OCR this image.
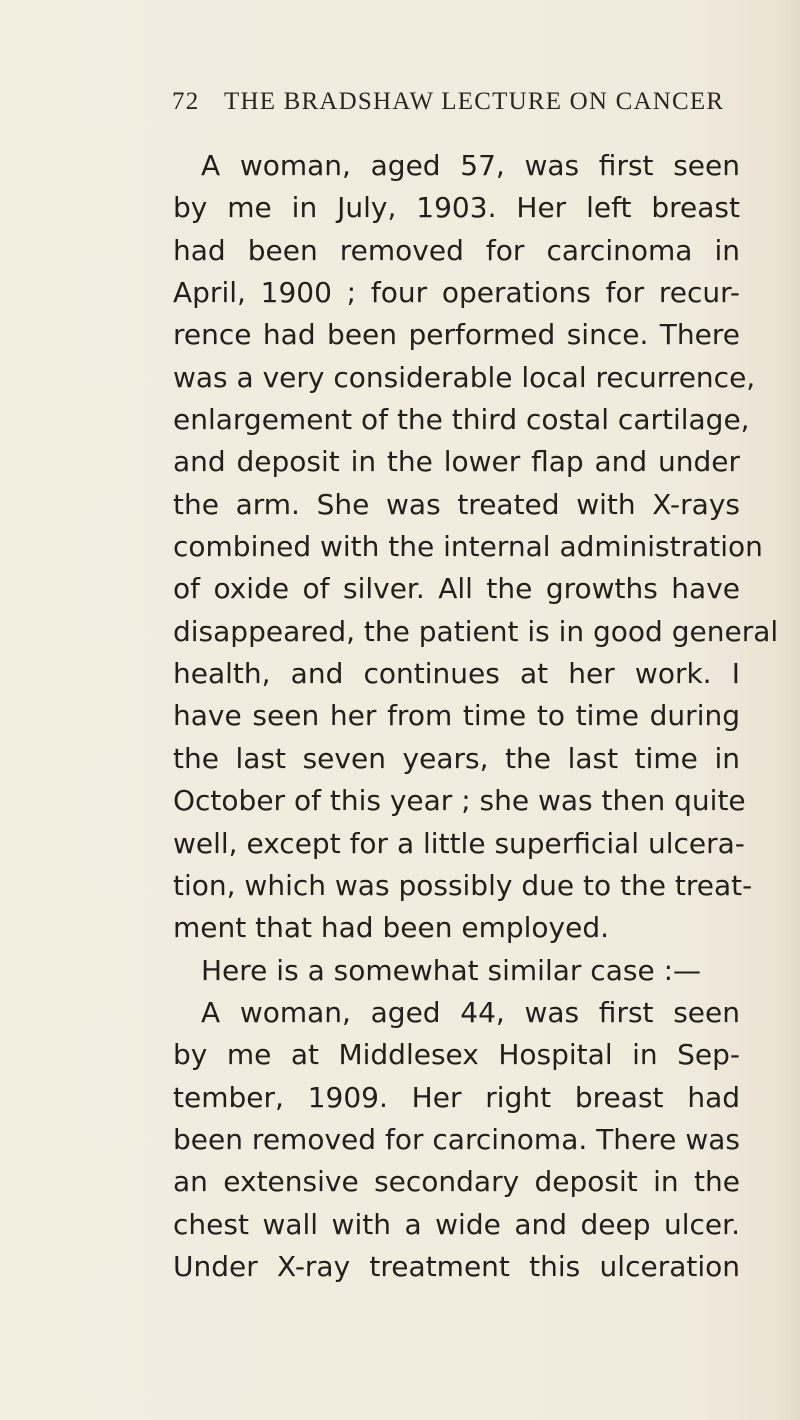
72 THE BRADSHAW LECTURE ON CANCER
A woman, aged 57, was first seen
by me in July, 1903. Her left breast
had been removed for carcinoma in
April, 1900 ; four operations for recur-
rence had been performed since. There
was a very considerable local recurrence,
enlargement of the third costal cartilage,
and deposit in the lower flap and under
the arm. She was treated with X-rays
combined with the internal administration
of oxide of silver. All the growths have
disappeared, the patient is in good general
health, and continues at her work. I
have seen her from time to time during
the last seven years, the last time in
October of this year ; she was then quite
well, except for a little superficial ulcera-
tion, which was possibly due to the treat-
ment that had been employed.
Here is a somewhat similar case :—
A woman, aged 44, was first seen
by me at Middlesex Hospital in Sep-
tember, 1909. Her right breast had
been removed for carcinoma. There was
an extensive secondary deposit in the
chest wall with a wide and deep ulcer.
Under X-ray treatment this ulceration
